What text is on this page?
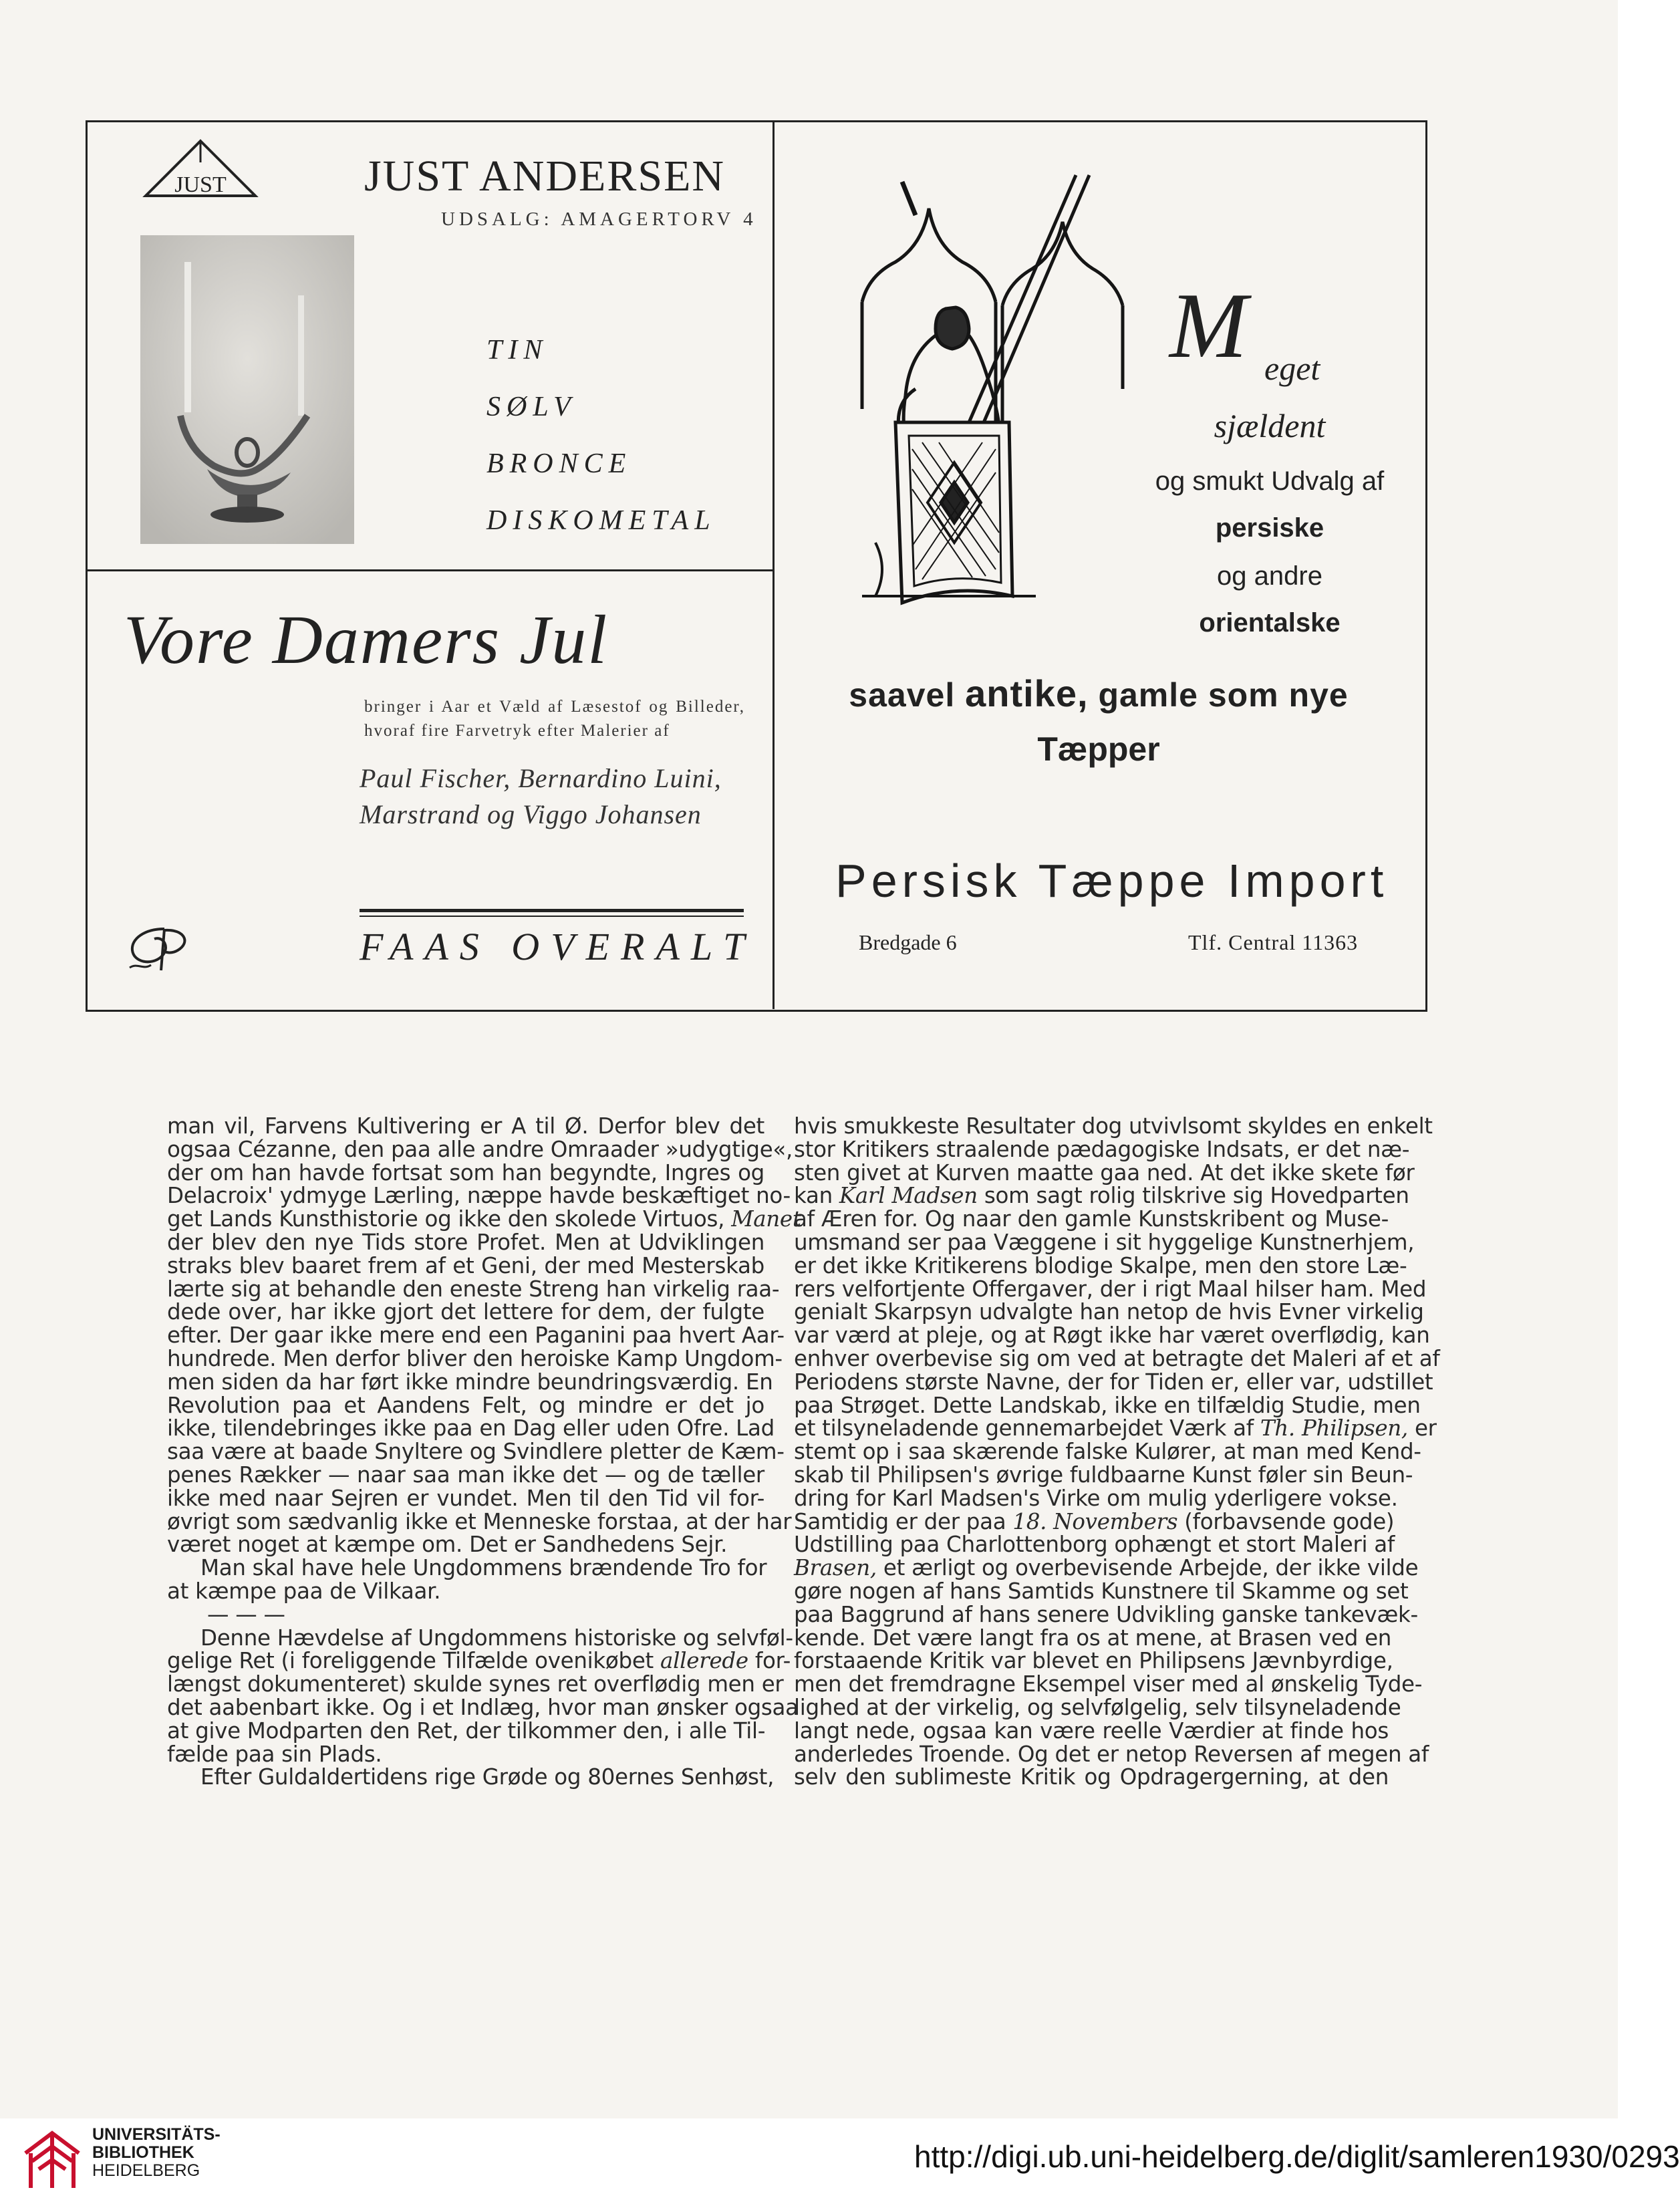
JUST	JUST ANDERSEN
UDSALG: AMAGERTORV 4
TIN
SØLV
BRONCE
DISKOMETAL
Vore Damers Jul
bringer i Aar et Væld af Læsestof og Billeder, hvoraf fire Farvetryk efter Malerier af
Paul Fischer, Bernardino Luini,
Marstrand og Viggo Johansen
FAAS OVERALT
M eget
sjældent
og smukt Udvalg af
persiske
og andre
orientalske
saavel antike, gamle som nye
Tæpper
Persisk Tæppe Import
Bredgade 6	Tlf. Central 11363
man vil, Farvens Kultivering er A til Ø. Derfor blev det
ogsaa Cézanne, den paa alle andre Omraader »udygtige«,
der om han havde fortsat som han begyndte, Ingres og
Delacroix' ydmyge Lærling, næppe havde beskæftiget no-
get Lands Kunsthistorie og ikke den skolede Virtuos, Manet
der blev den nye Tids store Profet. Men at Udviklingen
straks blev baaret frem af et Geni, der med Mesterskab
lærte sig at behandle den eneste Streng han virkelig raa-
dede over, har ikke gjort det lettere for dem, der fulgte
efter. Der gaar ikke mere end een Paganini paa hvert Aar-
hundrede. Men derfor bliver den heroiske Kamp Ungdom-
men siden da har ført ikke mindre beundringsværdig. En
Revolution paa et Aandens Felt, og mindre er det jo
ikke, tilendebringes ikke paa en Dag eller uden Ofre. Lad
saa være at baade Snyltere og Svindlere pletter de Kæm-
penes Rækker — naar saa man ikke det — og de tæller
ikke med naar Sejren er vundet. Men til den Tid vil for-
øvrigt som sædvanlig ikke et Menneske forstaa, at der har
været noget at kæmpe om. Det er Sandhedens Sejr.
Man skal have hele Ungdommens brændende Tro for
at kæmpe paa de Vilkaar.
— — —
Denne Hævdelse af Ungdommens historiske og selvføl-
gelige Ret (i foreliggende Tilfælde ovenikøbet allerede for-
længst dokumenteret) skulde synes ret overflødig men er
det aabenbart ikke. Og i et Indlæg, hvor man ønsker ogsaa
at give Modparten den Ret, der tilkommer den, i alle Til-
fælde paa sin Plads.
Efter Guldaldertidens rige Grøde og 80ernes Senhøst,
hvis smukkeste Resultater dog utvivlsomt skyldes en enkelt
stor Kritikers straalende pædagogiske Indsats, er det næ-
sten givet at Kurven maatte gaa ned. At det ikke skete før
kan Karl Madsen som sagt rolig tilskrive sig Hovedparten
af Æren for. Og naar den gamle Kunstskribent og Muse-
umsmand ser paa Væggene i sit hyggelige Kunstnerhjem,
er det ikke Kritikerens blodige Skalpe, men den store Læ-
rers velfortjente Offergaver, der i rigt Maal hilser ham. Med
genialt Skarpsyn udvalgte han netop de hvis Evner virkelig
var værd at pleje, og at Røgt ikke har været overflødig, kan
enhver overbevise sig om ved at betragte det Maleri af et af
Periodens største Navne, der for Tiden er, eller var, udstillet
paa Strøget. Dette Landskab, ikke en tilfældig Studie, men
et tilsyneladende gennemarbejdet Værk af Th. Philipsen, er
stemt op i saa skærende falske Kulører, at man med Kend-
skab til Philipsen's øvrige fuldbaarne Kunst føler sin Beun-
dring for Karl Madsen's Virke om mulig yderligere vokse.
Samtidig er der paa 18. Novembers (forbavsende gode)
Udstilling paa Charlottenborg ophængt et stort Maleri af
Brasen, et ærligt og overbevisende Arbejde, der ikke vilde
gøre nogen af hans Samtids Kunstnere til Skamme og set
paa Baggrund af hans senere Udvikling ganske tankevæk-
kende. Det være langt fra os at mene, at Brasen ved en
forstaaende Kritik var blevet en Philipsens Jævnbyrdige,
men det fremdragne Eksempel viser med al ønskelig Tyde-
lighed at der virkelig, og selvfølgelig, selv tilsyneladende
langt nede, ogsaa kan være reelle Værdier at finde hos
anderledes Troende. Og det er netop Reversen af megen af
selv den sublimeste Kritik og Opdragergerning, at den
UNIVERSITÄTS-
BIBLIOTHEK
HEIDELBERG	http://digi.ub.uni-heidelberg.de/diglit/samleren1930/0293
